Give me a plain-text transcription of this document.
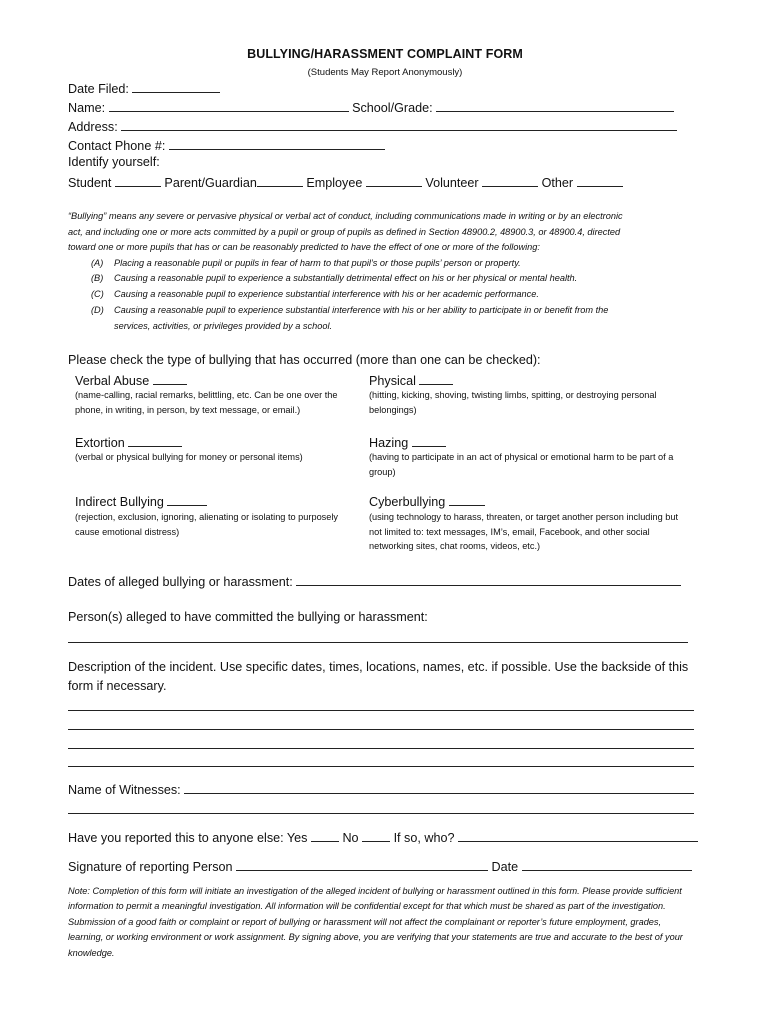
BULLYING/HARASSMENT COMPLAINT FORM
(Students May Report Anonymously)
Date Filed:
Name:	School/Grade:
Address:
Contact Phone #:
Identify yourself:
Student	Parent/Guardian	Employee	Volunteer	Other
“Bullying” means any severe or pervasive physical or verbal act of conduct, including communications made in writing or by an electronic
act, and including one or more acts committed by a pupil or group of pupils as defined in Section 48900.2, 48900.3, or 48900.4, directed
toward one or more pupils that has or can be reasonably predicted to have the effect of one or more of the following:
(A) Placing a reasonable pupil or pupils in fear of harm to that pupil’s or those pupils’ person or property.
(B) Causing a reasonable pupil to experience a substantially detrimental effect on his or her physical or mental health.
(C) Causing a reasonable pupil to experience substantial interference with his or her academic performance.
(D) Causing a reasonable pupil to experience substantial interference with his or her ability to participate in or benefit from the
services, activities, or privileges provided by a school.
Please check the type of bullying that has occurred (more than one can be checked):
Verbal Abuse
(name-calling, racial remarks, belittling, etc. Can be one over the phone, in writing, in person, by text message, or email.)
Physical
(hitting, kicking, shoving, twisting limbs, spitting, or destroying personal belongings)
Extortion
(verbal or physical bullying for money or personal items)
Hazing
(having to participate in an act of physical or emotional harm to be part of a group)
Indirect Bullying
(rejection, exclusion, ignoring, alienating or isolating to purposely cause emotional distress)
Cyberbullying
(using technology to harass, threaten, or target another person including but not limited to: text messages, IM’s, email, Facebook, and other social networking sites, chat rooms, videos, etc.)
Dates of alleged bullying or harassment:
Person(s) alleged to have committed the bullying or harassment:
Description of the incident. Use specific dates, times, locations, names, etc. if possible. Use the backside of this form if necessary.
Name of Witnesses:
Have you reported this to anyone else: Yes	No	If so, who?
Signature of reporting Person	Date
Note: Completion of this form will initiate an investigation of the alleged incident of bullying or harassment outlined in this form. Please provide sufficient information to permit a meaningful investigation. All information will be confidential except for that which must be shared as part of the investigation. Submission of a good faith or complaint or report of bullying or harassment will not affect the complainant or reporter’s future employment, grades, learning, or working environment or work assignment. By signing above, you are verifying that your statements are true and accurate to the best of your knowledge.
